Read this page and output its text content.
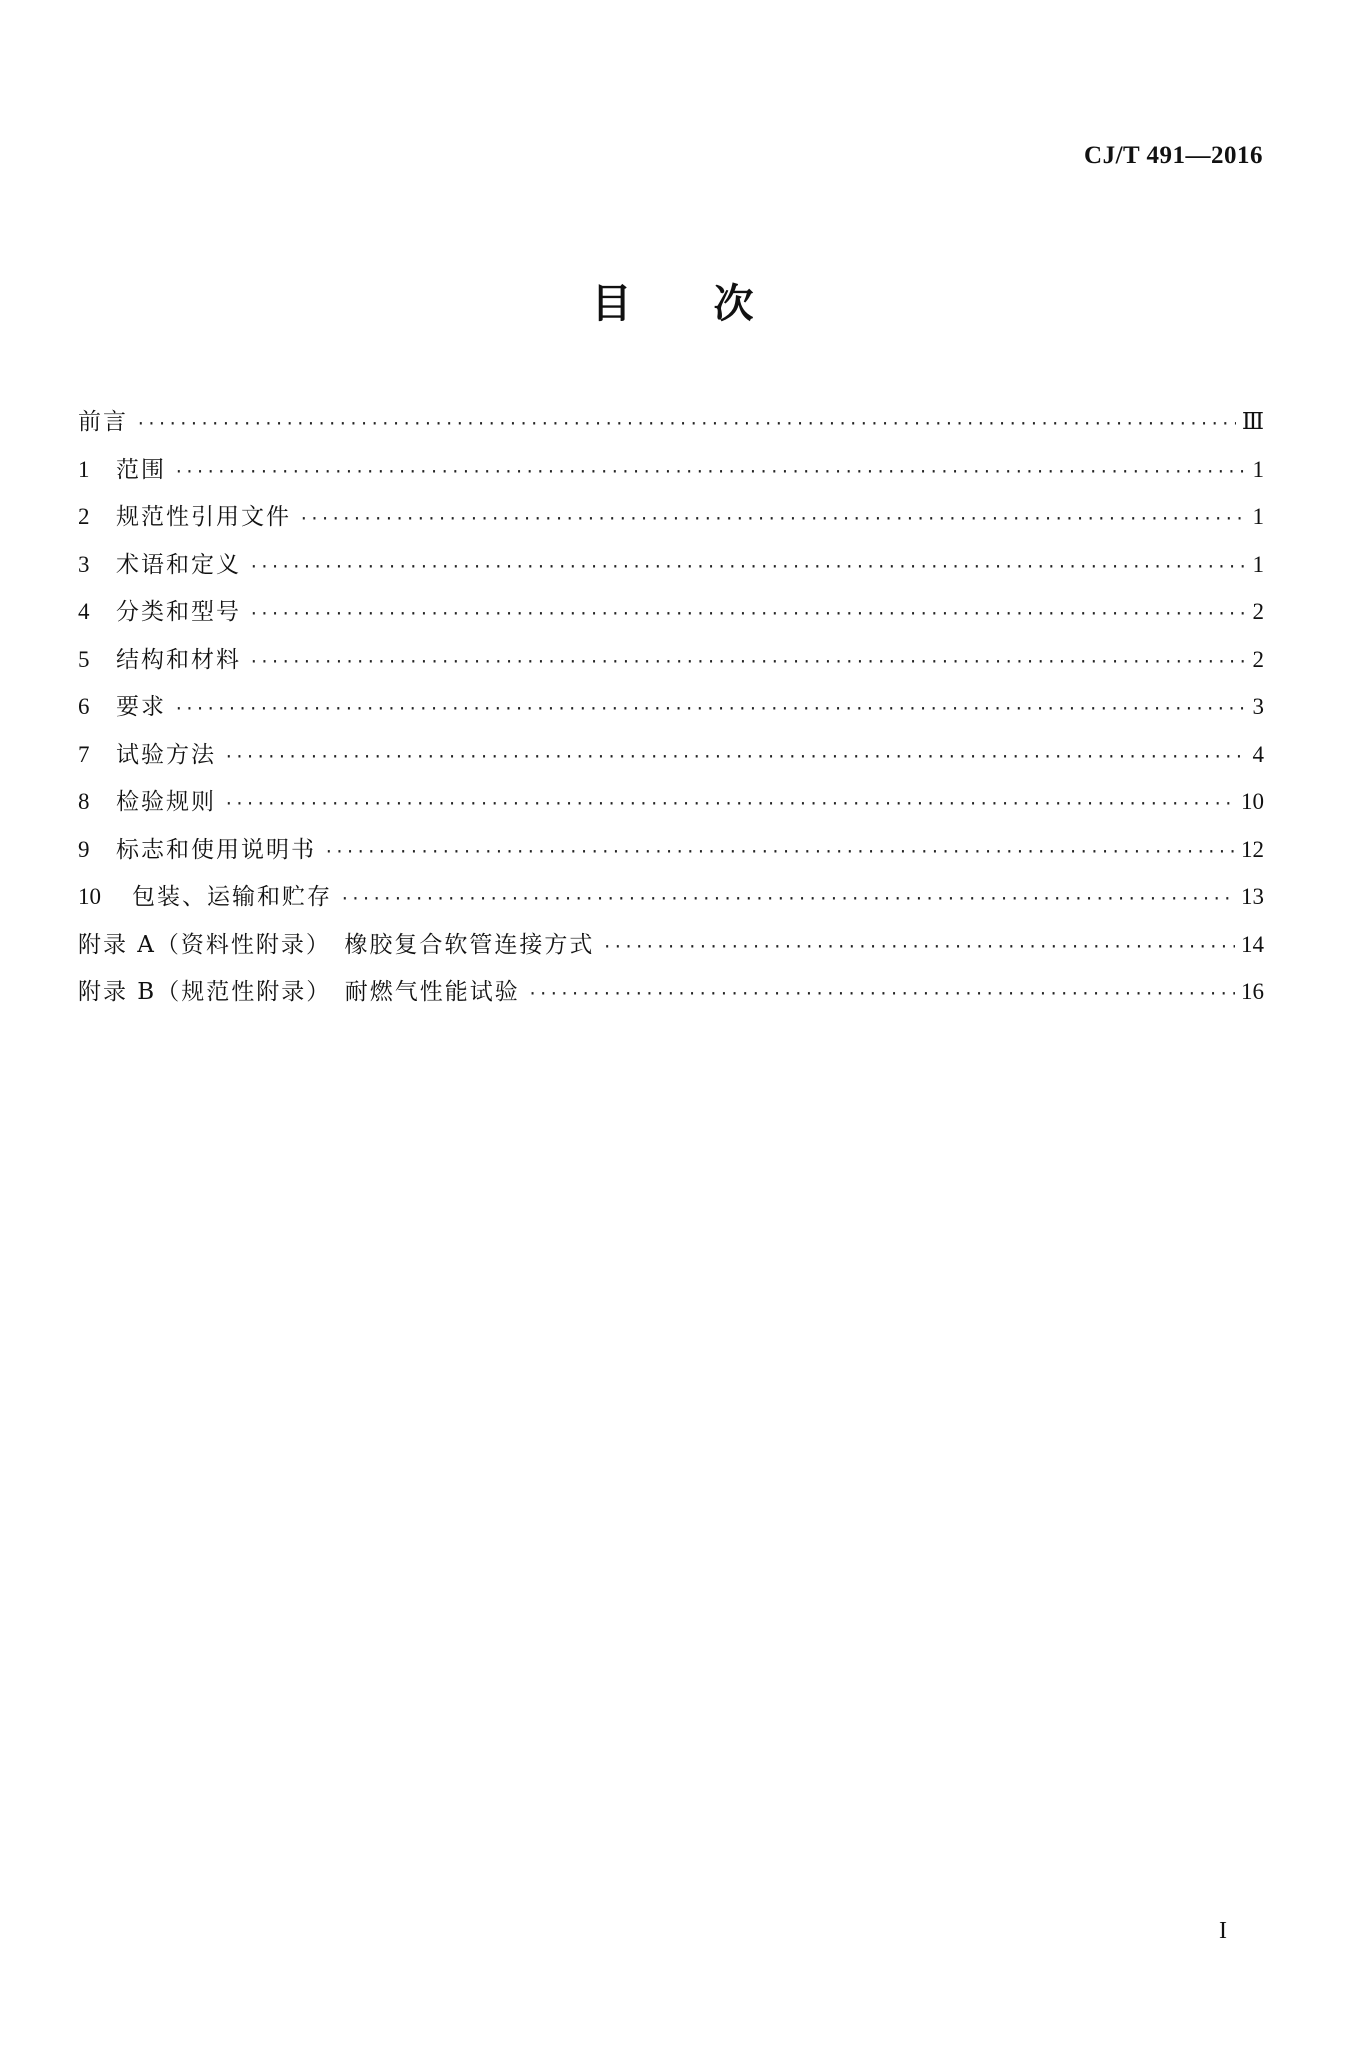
CJ/T 491—2016
目次
前言 ·····	Ⅲ
1	范围 ·····	1
2	规范性引用文件 ·····	1
3	术语和定义 ·····	1
4	分类和型号 ·····	2
5	结构和材料 ·····	2
6	要求 ·····	3
7	试验方法 ·····	4
8	检验规则 ·····	10
9	标志和使用说明书 ·····	12
10	包装、运输和贮存 ·····	13
附录 A（资料性附录）　橡胶复合软管连接方式 ·····	14
附录 B（规范性附录）　耐燃气性能试验 ·····	16
I
